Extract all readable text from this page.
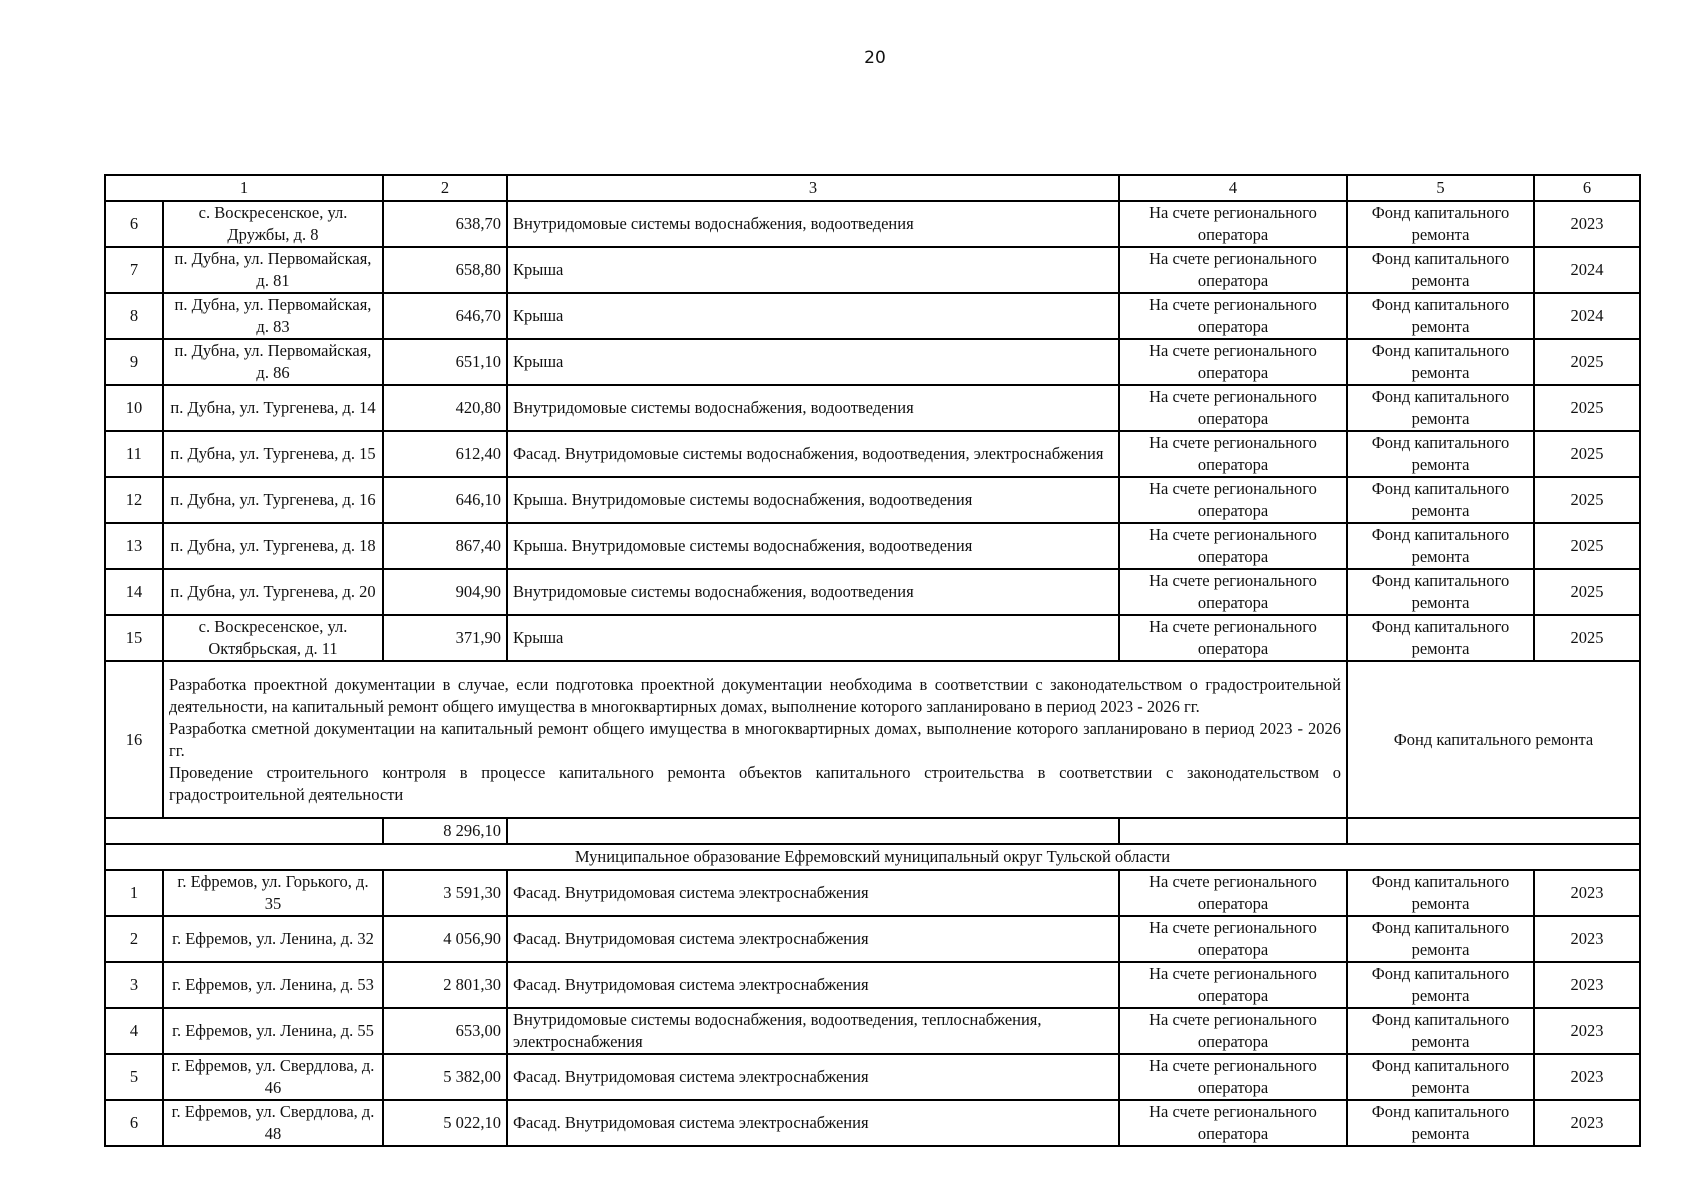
20
1		2	3	4	5	6
6	с. Воскресенское, ул. Дружбы, д. 8	638,70	Внутридомовые системы водоснабжения, водоотведения	На счете регионального оператора	Фонд капитального ремонта	2023
7	п. Дубна, ул. Первомайская, д. 81	658,80	Крыша	На счете регионального оператора	Фонд капитального ремонта	2024
8	п. Дубна, ул. Первомайская, д. 83	646,70	Крыша	На счете регионального оператора	Фонд капитального ремонта	2024
9	п. Дубна, ул. Первомайская, д. 86	651,10	Крыша	На счете регионального оператора	Фонд капитального ремонта	2025
10	п. Дубна, ул. Тургенева, д. 14	420,80	Внутридомовые системы водоснабжения, водоотведения	На счете регионального оператора	Фонд капитального ремонта	2025
11	п. Дубна, ул. Тургенева, д. 15	612,40	Фасад. Внутридомовые системы водоснабжения, водоотведения, электроснабжения	На счете регионального оператора	Фонд капитального ремонта	2025
12	п. Дубна, ул. Тургенева, д. 16	646,10	Крыша. Внутридомовые системы водоснабжения, водоотведения	На счете регионального оператора	Фонд капитального ремонта	2025
13	п. Дубна, ул. Тургенева, д. 18	867,40	Крыша. Внутридомовые системы водоснабжения, водоотведения	На счете регионального оператора	Фонд капитального ремонта	2025
14	п. Дубна, ул. Тургенева, д. 20	904,90	Внутридомовые системы водоснабжения, водоотведения	На счете регионального оператора	Фонд капитального ремонта	2025
15	с. Воскресенское, ул. Октябрьская, д. 11	371,90	Крыша	На счете регионального оператора	Фонд капитального ремонта	2025
16	Разработка проектной документации в случае, если подготовка проектной документации необходима в соответствии с законодательством о градостроительной деятельности, на капитальный ремонт общего имущества в многоквартирных домах, выполнение которого запланировано в период 2023 - 2026 гг.
Разработка сметной документации на капитальный ремонт общего имущества в многоквартирных домах, выполнение которого запланировано в период 2023 - 2026 гг.
Проведение строительного контроля в процессе капитального ремонта объектов капитального строительства в соответствии с законодательством о градостроительной деятельности				Фонд капитального ремонта	
		8 296,10				
Муниципальное образование Ефремовский муниципальный округ Тульской области						
1	г. Ефремов, ул. Горького, д. 35	3 591,30	Фасад. Внутридомовая система электроснабжения	На счете регионального оператора	Фонд капитального ремонта	2023
2	г. Ефремов, ул. Ленина, д. 32	4 056,90	Фасад. Внутридомовая система электроснабжения	На счете регионального оператора	Фонд капитального ремонта	2023
3	г. Ефремов, ул. Ленина, д. 53	2 801,30	Фасад. Внутридомовая система электроснабжения	На счете регионального оператора	Фонд капитального ремонта	2023
4	г. Ефремов, ул. Ленина, д. 55	653,00	Внутридомовые системы водоснабжения, водоотведения, теплоснабжения, электроснабжения	На счете регионального оператора	Фонд капитального ремонта	2023
5	г. Ефремов, ул. Свердлова, д. 46	5 382,00	Фасад. Внутридомовая система электроснабжения	На счете регионального оператора	Фонд капитального ремонта	2023
6	г. Ефремов, ул. Свердлова, д. 48	5 022,10	Фасад. Внутридомовая система электроснабжения	На счете регионального оператора	Фонд капитального ремонта	2023
